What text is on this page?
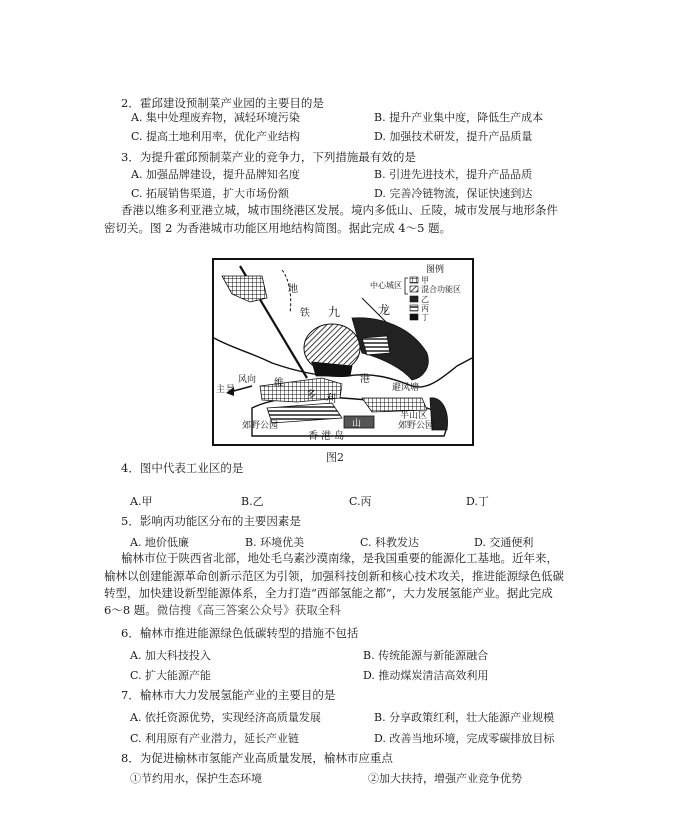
2．霍邱建设预制菜产业园的主要目的是
A. 集中处理废弃物，减轻环境污染	B. 提升产业集中度，降低生产成本
C. 提高土地利用率，优化产业结构	D. 加强技术研发，提升产品质量
3．为提升霍邱预制菜产业的竞争力，下列措施最有效的是
A. 加强品牌建设，提升品牌知名度	B. 引进先进技术，提升产品品质
C. 拓展销售渠道，扩大市场份额	D. 完善冷链物流，保证快速到达
香港以维多利亚港立城，城市围绕港区发展。境内多低山、丘陵，城市发展与地形条件
密切关。图 2 为香港城市功能区用地结构简图。据此完成 4～5 题。
地
铁 九	龙
风向
主 导
维
多 利
亚
港
避风塘
半山区
山
郊野公园	郊野公园
香 港 岛
图例
中心城区
甲
混合功能区
乙
丙
丁
图2
4．图中代表工业区的是
A.甲	B.乙	C.丙	D.丁
5．影响丙功能区分布的主要因素是
A. 地价低廉	B. 环境优美	C. 科教发达	D. 交通便利
榆林市位于陕西省北部，地处毛乌素沙漠南缘，是我国重要的能源化工基地。近年来，
榆林以创建能源革命创新示范区为引领，加强科技创新和核心技术攻关，推进能源绿色低碳
转型，加快建设新型能源体系，全力打造“西部氢能之都”，大力发展氢能产业。据此完成
6～8 题。微信搜《高三答案公众号》获取全科
6．榆林市推进能源绿色低碳转型的措施不包括
A. 加大科技投入	B. 传统能源与新能源融合
C. 扩大能源产能	D. 推动煤炭清洁高效利用
7．榆林市大力发展氢能产业的主要目的是
A. 依托资源优势，实现经济高质量发展	B. 分享政策红利，壮大能源产业规模
C. 利用原有产业潜力，延长产业链	D. 改善当地环境，完成零碳排放目标
8．为促进榆林市氢能产业高质量发展，榆林市应重点
①节约用水，保护生态环境	②加大扶持，增强产业竞争优势
